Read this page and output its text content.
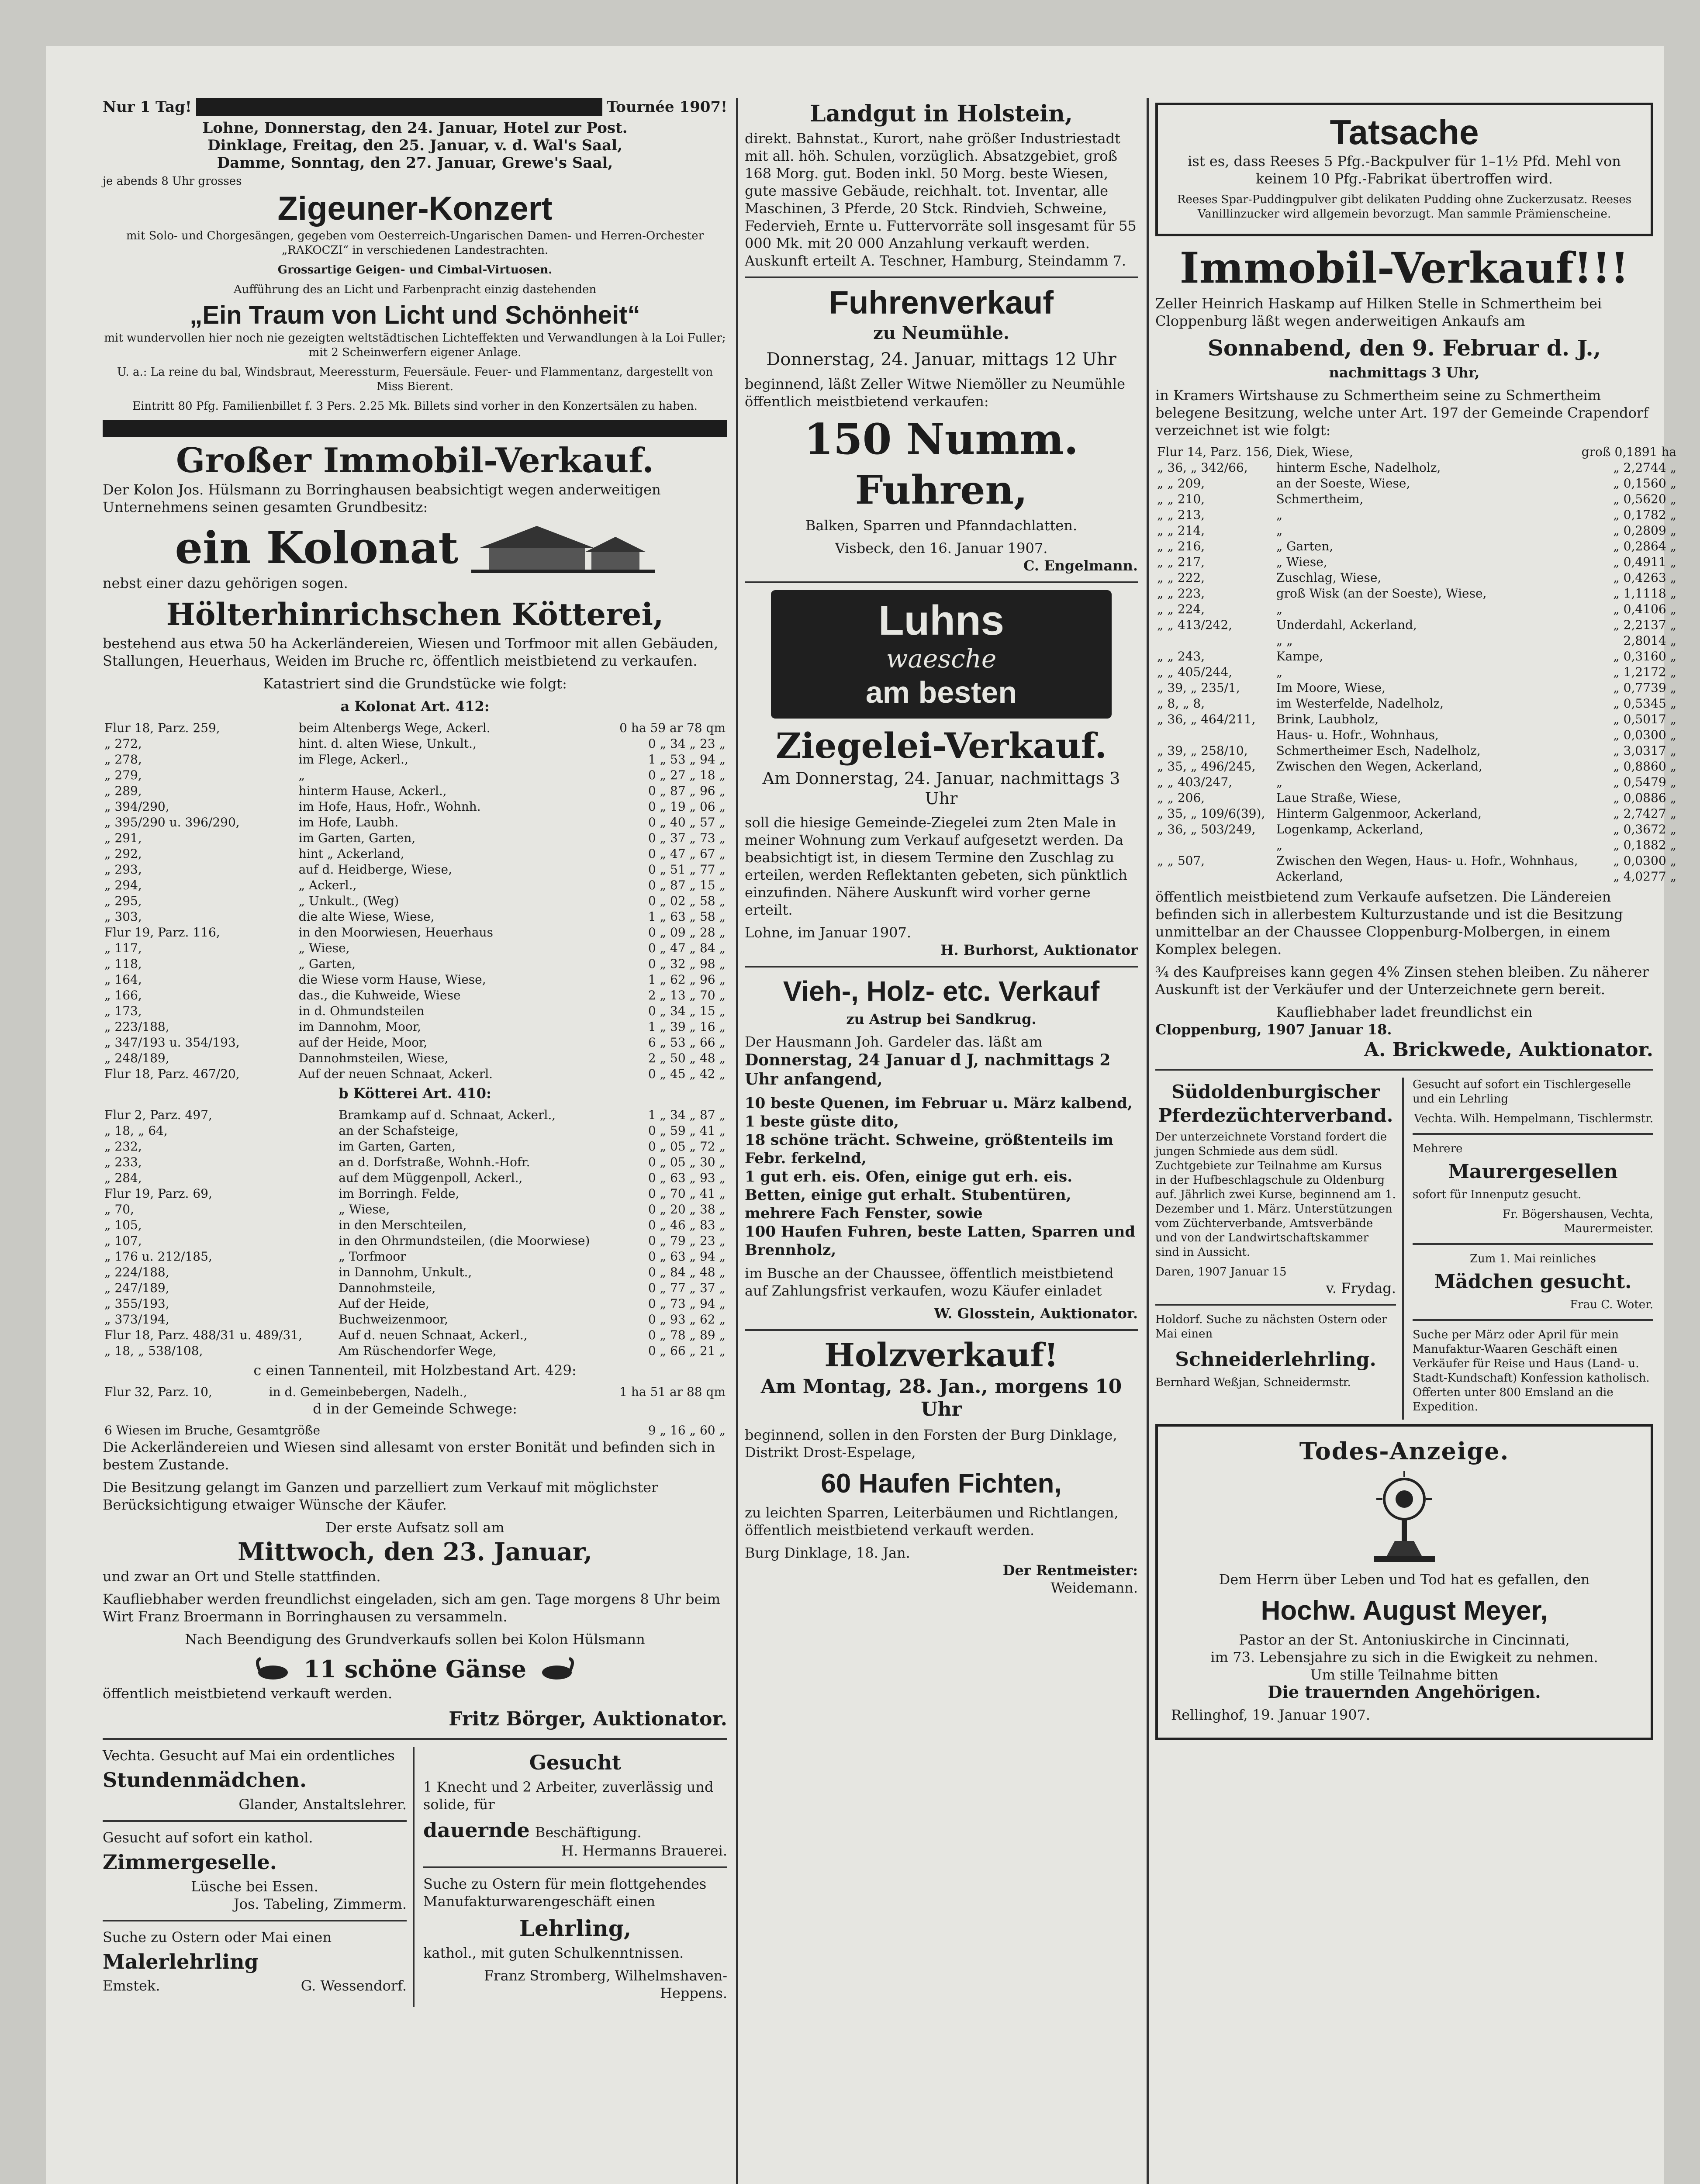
Nur 1 Tag!	Tournée 1907!

Lohne, Donnerstag, den 24. Januar, Hotel zur Post.

Dinklage, Freitag, den 25. Januar, v. d. Wal's Saal,

Damme, Sonntag, den 27. Januar, Grewe's Saal,

je abends 8 Uhr grosses

Zigeuner-Konzert

mit Solo- und Chorgesängen, gegeben vom Oesterreich-Ungarischen Damen- und Herren-Orchester „RAKOCZI“ in verschiedenen Landestrachten.

Grossartige Geigen- und Cimbal-Virtuosen.

Aufführung des an Licht und Farbenpracht einzig dastehenden

„Ein Traum von Licht und Schönheit“

mit wundervollen hier noch nie gezeigten weltstädtischen Lichteffekten und Verwandlungen à la Loi Fuller; mit 2 Scheinwerfern eigener Anlage.

U. a.: La reine du bal, Windsbraut, Meeressturm, Feuersäule. Feuer- und Flammentanz, dargestellt von Miss Bierent.

Eintritt 80 Pfg. Familienbillet f. 3 Pers. 2.25 Mk. Billets sind vorher in den Konzertsälen zu haben.

Großer Immobil-Verkauf.

Der Kolon Jos. Hülsmann zu Borringhausen beabsichtigt wegen anderweitigen Unternehmens seinen gesamten Grundbesitz:

ein Kolonat

nebst einer dazu gehörigen sogen.

Hölterhinrichschen Kötterei,

bestehend aus etwa 50 ha Ackerländereien, Wiesen und Torfmoor mit allen Gebäuden, Stallungen, Heuerhaus, Weiden im Bruche rc, öffentlich meistbietend zu verkaufen.

Katastriert sind die Grundstücke wie folgt:

a Kolonat Art. 412:

Flur 18, Parz. 259,	beim Altenbergs Wege, Ackerl.	0 ha 59 ar 78 qm
„ 272,	hint. d. alten Wiese, Unkult.,	0 „ 34 „ 23 „
„ 278,	im Flege, Ackerl.,	1 „ 53 „ 94 „
„ 279,	„	0 „ 27 „ 18 „
„ 289,	hinterm Hause, Ackerl.,	0 „ 87 „ 96 „
„ 394/290,	im Hofe, Haus, Hofr., Wohnh.	0 „ 19 „ 06 „
„ 395/290 u. 396/290,	im Hofe, Laubh.	0 „ 40 „ 57 „
„ 291,	im Garten, Garten,	0 „ 37 „ 73 „
„ 292,	hint „ Ackerland,	0 „ 47 „ 67 „
„ 293,	auf d. Heidberge, Wiese,	0 „ 51 „ 77 „
„ 294,	„ Ackerl.,	0 „ 87 „ 15 „
„ 295,	„ Unkult., (Weg)	0 „ 02 „ 58 „
„ 303,	die alte Wiese, Wiese,	1 „ 63 „ 58 „
Flur 19, Parz. 116,	in den Moorwiesen, Heuerhaus	0 „ 09 „ 28 „
„ 117,	„ Wiese,	0 „ 47 „ 84 „
„ 118,	„ Garten,	0 „ 32 „ 98 „
„ 164,	die Wiese vorm Hause, Wiese,	1 „ 62 „ 96 „
„ 166,	das., die Kuhweide, Wiese	2 „ 13 „ 70 „
„ 173,	in d. Ohmundsteilen	0 „ 34 „ 15 „
„ 223/188,	im Dannohm, Moor,	1 „ 39 „ 16 „
„ 347/193 u. 354/193,	auf der Heide, Moor,	6 „ 53 „ 66 „
„ 248/189,	Dannohmsteilen, Wiese,	2 „ 50 „ 48 „
Flur 18, Parz. 467/20,	Auf der neuen Schnaat, Ackerl.	0 „ 45 „ 42 „

b Kötterei Art. 410:

Flur 2, Parz. 497,	Bramkamp auf d. Schnaat, Ackerl.,	1 „ 34 „ 87 „
„ 18, „ 64,	an der Schafsteige,	0 „ 59 „ 41 „
„ 232,	im Garten, Garten,	0 „ 05 „ 72 „
„ 233,	an d. Dorfstraße, Wohnh.-Hofr.	0 „ 05 „ 30 „
„ 284,	auf dem Müggenpoll, Ackerl.,	0 „ 63 „ 93 „
Flur 19, Parz. 69,	im Borringh. Felde,	0 „ 70 „ 41 „
„ 70,	„ Wiese,	0 „ 20 „ 38 „
„ 105,	in den Merschteilen,	0 „ 46 „ 83 „
„ 107,	in den Ohrmundsteilen, (die Moorwiese)	0 „ 79 „ 23 „
„ 176 u. 212/185,	„ Torfmoor	0 „ 63 „ 94 „
„ 224/188,	in Dannohm, Unkult.,	0 „ 84 „ 48 „
„ 247/189,	Dannohmsteile,	0 „ 77 „ 37 „
„ 355/193,	Auf der Heide,	0 „ 73 „ 94 „
„ 373/194,	Buchweizenmoor,	0 „ 93 „ 62 „
Flur 18, Parz. 488/31 u. 489/31,	Auf d. neuen Schnaat, Ackerl.,	0 „ 78 „ 89 „
„ 18, „ 538/108,	Am Rüschendorfer Wege,	0 „ 66 „ 21 „

c einen Tannenteil, mit Holzbestand Art. 429:

Flur 32, Parz. 10,	in d. Gemeinbebergen, Nadelh.,	1 ha 51 ar 88 qm

d in der Gemeinde Schwege:

6 Wiesen im Bruche, Gesamtgröße	9 „ 16 „ 60 „

Die Ackerländereien und Wiesen sind allesamt von erster Bonität und befinden sich in bestem Zustande.

Die Besitzung gelangt im Ganzen und parzelliert zum Verkauf mit möglichster Berücksichtigung etwaiger Wünsche der Käufer.

Der erste Aufsatz soll am

Mittwoch, den 23. Januar,

und zwar an Ort und Stelle stattfinden.

Kaufliebhaber werden freundlichst eingeladen, sich am gen. Tage morgens 8 Uhr beim Wirt Franz Broermann in Borringhausen zu versammeln.

Nach Beendigung des Grundverkaufs sollen bei Kolon Hülsmann

11 schöne Gänse

öffentlich meistbietend verkauft werden.

Fritz Börger, Auktionator.

Vechta. Gesucht auf Mai ein ordentliches

Stundenmädchen.

Glander, Anstaltslehrer.

Gesucht auf sofort ein kathol.

Zimmergeselle.

Lüsche bei Essen.

Jos. Tabeling, Zimmerm.

Suche zu Ostern oder Mai einen

Malerlehrling
Emstek.	G. Wessendorf.
Gesucht

1 Knecht und 2 Arbeiter, zuverlässig und solide, für

dauernde Beschäftigung.

H. Hermanns Brauerei.

Suche zu Ostern für mein flottgehendes Manufakturwarengeschäft einen

Lehrling,

kathol., mit guten Schulkenntnissen.

Franz Stromberg, Wilhelmshaven-Heppens.

Landgut in Holstein,

direkt. Bahnstat., Kurort, nahe größer Industriestadt mit all. höh. Schulen, vorzüglich. Absatzgebiet, groß 168 Morg. gut. Boden inkl. 50 Morg. beste Wiesen, gute massive Gebäude, reichhalt. tot. Inventar, alle Maschinen, 3 Pferde, 20 Stck. Rindvieh, Schweine, Federvieh, Ernte u. Futtervorräte soll insgesamt für 55 000 Mk. mit 20 000 Anzahlung verkauft werden. Auskunft erteilt A. Teschner, Hamburg, Steindamm 7.

Fuhrenverkauf

zu Neumühle.

Donnerstag, 24. Januar, mittags 12 Uhr

beginnend, läßt Zeller Witwe Niemöller zu Neumühle öffentlich meistbietend verkaufen:

150 Numm.
Fuhren,

Balken, Sparren und Pfanndachlatten.

Visbeck, den 16. Januar 1907.

C. Engelmann.

Luhns
waesche
am besten
Ziegelei-Verkauf.

Am Donnerstag, 24. Januar, nachmittags 3 Uhr

soll die hiesige Gemeinde-Ziegelei zum 2ten Male in meiner Wohnung zum Verkauf aufgesetzt werden. Da beabsichtigt ist, in diesem Termine den Zuschlag zu erteilen, werden Reflektanten gebeten, sich pünktlich einzufinden. Nähere Auskunft wird vorher gerne erteilt.

Lohne, im Januar 1907.

H. Burhorst, Auktionator

Vieh-, Holz- etc. Verkauf

zu Astrup bei Sandkrug.

Der Hausmann Joh. Gardeler das. läßt am

Donnerstag, 24 Januar d J, nachmittags 2 Uhr anfangend,

10 beste Quenen, im Februar u. März kalbend,

1 beste güste dito,

18 schöne trächt. Schweine, größtenteils im Febr. ferkelnd,

1 gut erh. eis. Ofen, einige gut erh. eis. Betten, einige gut erhalt. Stubentüren, mehrere Fach Fenster, sowie

100 Haufen Fuhren, beste Latten, Sparren und Brennholz,

im Busche an der Chaussee, öffentlich meistbietend auf Zahlungsfrist verkaufen, wozu Käufer einladet

W. Glosstein, Auktionator.

Holzverkauf!

Am Montag, 28. Jan., morgens 10 Uhr

beginnend, sollen in den Forsten der Burg Dinklage, Distrikt Drost-Espelage,

60 Haufen Fichten,

zu leichten Sparren, Leiterbäumen und Richtlangen, öffentlich meistbietend verkauft werden.

Burg Dinklage, 18. Jan.

Der Rentmeister:

Weidemann.

Tatsache

ist es, dass Reeses 5 Pfg.-Backpulver für 1–1½ Pfd. Mehl von keinem 10 Pfg.-Fabrikat übertroffen wird.

Reeses Spar-Puddingpulver gibt delikaten Pudding ohne Zuckerzusatz. Reeses Vanillinzucker wird allgemein bevorzugt. Man sammle Prämienscheine.

Immobil-Verkauf!!!

Zeller Heinrich Haskamp auf Hilken Stelle in Schmertheim bei Cloppenburg läßt wegen anderweitigen Ankaufs am

Sonnabend, den 9. Februar d. J.,

nachmittags 3 Uhr,

in Kramers Wirtshause zu Schmertheim seine zu Schmertheim belegene Besitzung, welche unter Art. 197 der Gemeinde Crapendorf verzeichnet ist wie folgt:

Flur 14, Parz. 156,	Diek, Wiese,	groß 0,1891 ha
„ 36, „ 342/66,	hinterm Esche, Nadelholz,	„ 2,2744 „
„ „ 209,	an der Soeste, Wiese,	„ 0,1560 „
„ „ 210,	Schmertheim,	„ 0,5620 „
„ „ 213,	„	„ 0,1782 „
„ „ 214,	„	„ 0,2809 „
„ „ 216,	„ Garten,	„ 0,2864 „
„ „ 217,	„ Wiese,	„ 0,4911 „
„ „ 222,	Zuschlag, Wiese,	„ 0,4263 „
„ „ 223,	groß Wisk (an der Soeste), Wiese,	„ 1,1118 „
„ „ 224,	„	„ 0,4106 „
„ „ 413/242,	Underdahl, Ackerland,	„ 2,2137 „
	„ „	2,8014 „
„ „ 243,	Kampe,	„ 0,3160 „
„ „ 405/244,	„	„ 1,2172 „
„ 39, „ 235/1,	Im Moore, Wiese,	„ 0,7739 „
„ 8, „ 8,	im Westerfelde, Nadelholz,	„ 0,5345 „
„ 36, „ 464/211,	Brink, Laubholz,	„ 0,5017 „
	Haus- u. Hofr., Wohnhaus,	„ 0,0300 „
„ 39, „ 258/10,	Schmertheimer Esch, Nadelholz,	„ 3,0317 „
„ 35, „ 496/245,	Zwischen den Wegen, Ackerland,	„ 0,8860 „
„ „ 403/247,	„	„ 0,5479 „
„ „ 206,	Laue Straße, Wiese,	„ 0,0886 „
„ 35, „ 109/6(39),	Hinterm Galgenmoor, Ackerland,	„ 2,7427 „
„ 36, „ 503/249,	Logenkamp, Ackerland,	„ 0,3672 „
	„	„ 0,1882 „
„ „ 507,	Zwischen den Wegen, Haus- u. Hofr., Wohnhaus,	„ 0,0300 „
	Ackerland,	„ 4,0277 „

öffentlich meistbietend zum Verkaufe aufsetzen. Die Ländereien befinden sich in allerbestem Kulturzustande und ist die Besitzung unmittelbar an der Chaussee Cloppenburg-Molbergen, in einem Komplex belegen.

¾ des Kaufpreises kann gegen 4% Zinsen stehen bleiben. Zu näherer Auskunft ist der Verkäufer und der Unterzeichnete gern bereit.

Kaufliebhaber ladet freundlichst ein

Cloppenburg, 1907 Januar 18.

A. Brickwede, Auktionator.

Südoldenburgischer Pferdezüchterverband.

Der unterzeichnete Vorstand fordert die jungen Schmiede aus dem südl. Zuchtgebiete zur Teilnahme am Kursus in der Hufbeschlagschule zu Oldenburg auf. Jährlich zwei Kurse, beginnend am 1. Dezember und 1. März. Unterstützungen vom Züchterverbande, Amtsverbände und von der Landwirtschaftskammer sind in Aussicht.

Daren, 1907 Januar 15

v. Frydag.

Holdorf. Suche zu nächsten Ostern oder Mai einen

Schneiderlehrling.

Bernhard Weßjan, Schneidermstr.

Gesucht auf sofort ein Tischlergeselle und ein Lehrling

Vechta. Wilh. Hempelmann, Tischlermstr.

Mehrere

Maurergesellen

sofort für Innenputz gesucht.

Fr. Bögershausen, Vechta, Maurermeister.

Zum 1. Mai reinliches

Mädchen gesucht.

Frau C. Woter.

Suche per März oder April für mein Manufaktur-Waaren Geschäft einen Verkäufer für Reise und Haus (Land- u. Stadt-Kundschaft) Konfession katholisch. Offerten unter 800 Emsland an die Expedition.

Todes-Anzeige.

Dem Herrn über Leben und Tod hat es gefallen, den

Hochw. August Meyer,

Pastor an der St. Antoniuskirche in Cincinnati,

im 73. Lebensjahre zu sich in die Ewigkeit zu nehmen.

Um stille Teilnahme bitten

Die trauernden Angehörigen.

Rellinghof, 19. Januar 1907.
